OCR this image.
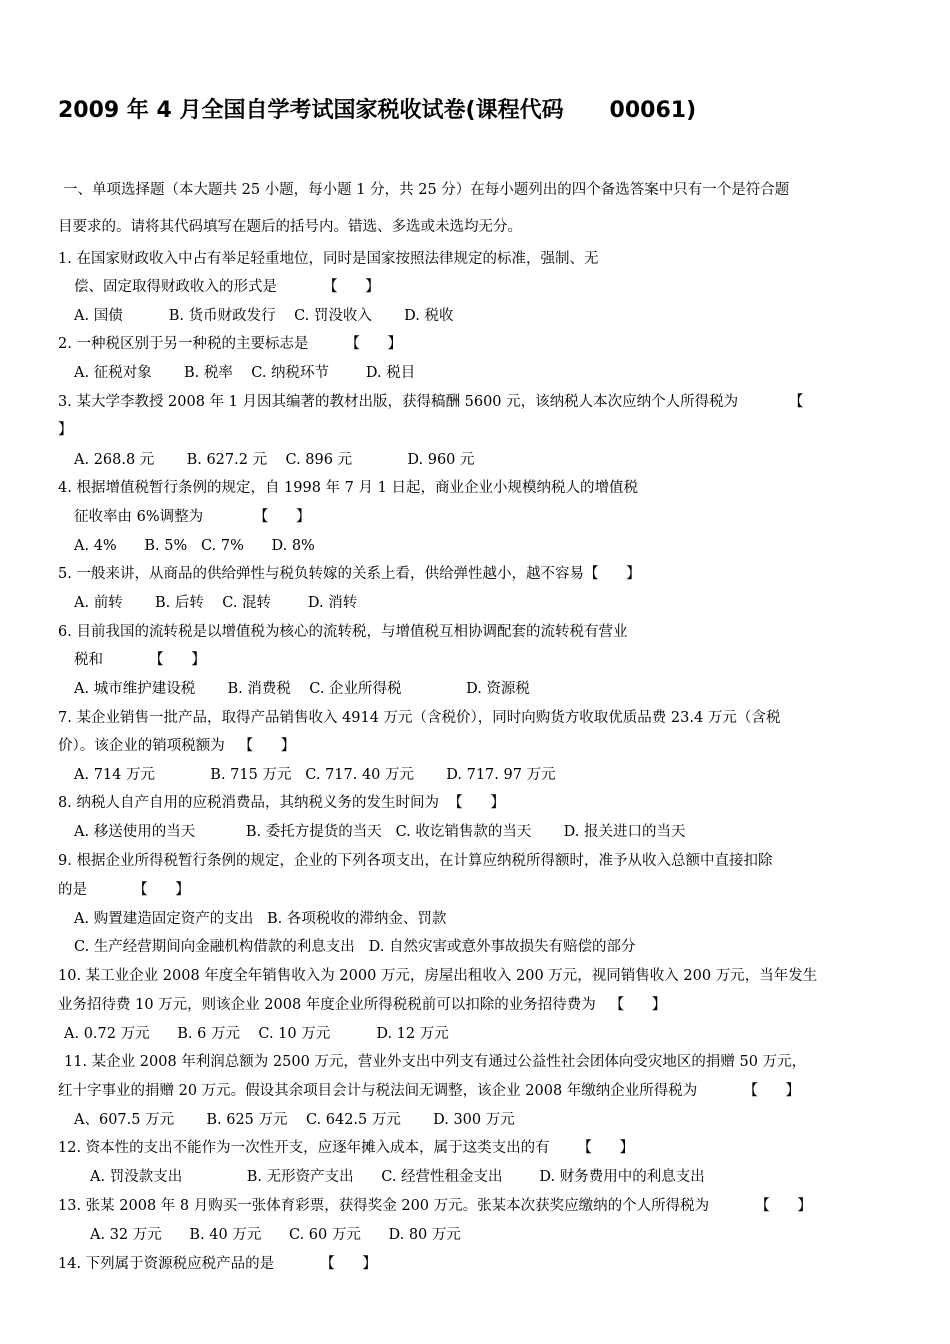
2009 年 4 月全国自学考试国家税收试卷(课程代码      00061)
一、单项选择题（本大题共 25 小题，每小题 1 分，共 25 分）在每小题列出的四个备选答案中只有一个是符合题
目要求的。请将其代码填写在题后的括号内。错选、多选或未选均无分。
1. 在国家财政收入中占有举足轻重地位，同时是国家按照法律规定的标准，强制、无
偿、固定取得财政收入的形式是          【      】
A. 国债          B. 货币财政发行    C. 罚没收入       D. 税收
2. 一种税区别于另一种税的主要标志是        【      】
A. 征税对象       B. 税率    C. 纳税环节        D. 税目
3. 某大学李教授 2008 年 1 月因其编著的教材出版，获得稿酬 5600 元，该纳税人本次应纳个人所得税为           【
】
A. 268.8 元       B. 627.2 元    C. 896 元            D. 960 元
4. 根据增值税暂行条例的规定，自 1998 年 7 月 1 日起，商业企业小规模纳税人的增值税
征收率由 6%调整为           【      】
A. 4%      B. 5%   C. 7%      D. 8%
5. 一般来讲，从商品的供给弹性与税负转嫁的关系上看，供给弹性越小，越不容易【      】
A. 前转       B. 后转    C. 混转        D. 消转
6. 目前我国的流转税是以增值税为核心的流转税，与增值税互相协调配套的流转税有营业
税和          【      】
A. 城市维护建设税       B. 消费税    C. 企业所得税              D. 资源税
7. 某企业销售一批产品，取得产品销售收入 4914 万元（含税价），同时向购货方收取优质品费 23.4 万元（含税
价）。该企业的销项税额为   【      】
A. 714 万元            B. 715 万元   C. 717. 40 万元       D. 717. 97 万元
8. 纳税人自产自用的应税消费品，其纳税义务的发生时间为  【      】
A. 移送使用的当天           B. 委托方提货的当天   C. 收讫销售款的当天       D. 报关进口的当天
9. 根据企业所得税暂行条例的规定，企业的下列各项支出，在计算应纳税所得额时，准予从收入总额中直接扣除
的是          【      】
A. 购置建造固定资产的支出   B. 各项税收的滞纳金、罚款
C. 生产经营期间向金融机构借款的利息支出   D. 自然灾害或意外事故损失有赔偿的部分
10. 某工业企业 2008 年度全年销售收入为 2000 万元，房屋出租收入 200 万元，视同销售收入 200 万元，当年发生
业务招待费 10 万元，则该企业 2008 年度企业所得税税前可以扣除的业务招待费为   【      】
A. 0.72 万元      B. 6 万元    C. 10 万元          D. 12 万元
11. 某企业 2008 年利润总额为 2500 万元，营业外支出中列支有通过公益性社会团体向受灾地区的捐赠 50 万元，
红十字事业的捐赠 20 万元。假设其余项目会计与税法间无调整，该企业 2008 年缴纳企业所得税为          【      】
A、607.5 万元       B. 625 万元    C. 642.5 万元       D. 300 万元
12. 资本性的支出不能作为一次性开支，应逐年摊入成本，属于这类支出的有      【      】
A. 罚没款支出              B. 无形资产支出      C. 经营性租金支出        D. 财务费用中的利息支出
13. 张某 2008 年 8 月购买一张体育彩票，获得奖金 200 万元。张某本次获奖应缴纳的个人所得税为          【      】
A. 32 万元      B. 40 万元      C. 60 万元      D. 80 万元
14. 下列属于资源税应税产品的是          【      】
